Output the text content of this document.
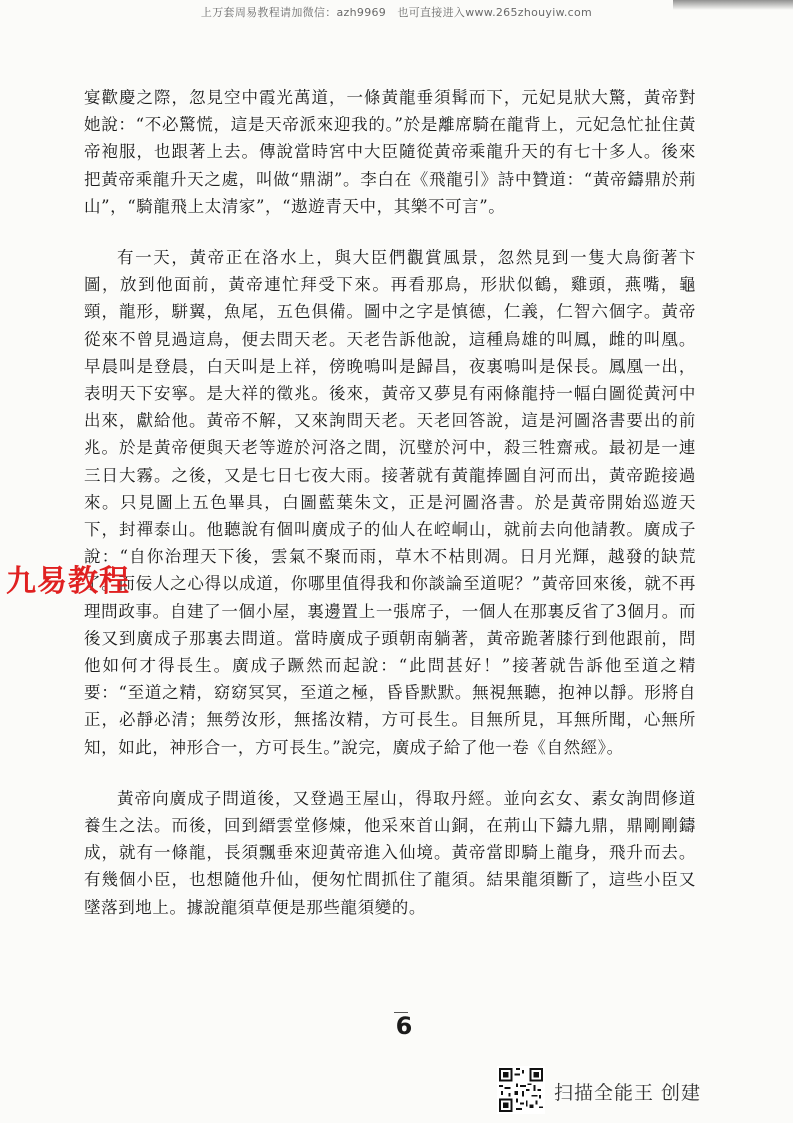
上万套周易教程请加微信：azh9969　也可直接进入www.265zhouyiw.com

宴歡慶之際，忽見空中霞光萬道，一條黃龍垂須髯而下，元妃見狀大驚，黃帝對她說：“不必驚慌，這是天帝派來迎我的。”於是離席騎在龍背上，元妃急忙扯住黃帝袍服，也跟著上去。傳說當時宮中大臣隨從黃帝乘龍升天的有七十多人。後來把黃帝乘龍升天之處，叫做“鼎湖”。李白在《飛龍引》詩中贊道：“黃帝鑄鼎於荊山”，“騎龍飛上太清家”，“遨遊青天中，其樂不可言”。

有一天，黃帝正在洛水上，與大臣們觀賞風景，忽然見到一隻大鳥銜著卞圖，放到他面前，黃帝連忙拜受下來。再看那鳥，形狀似鶴，雞頭，燕嘴，龜頸，龍形，駢翼，魚尾，五色俱備。圖中之字是慎德，仁義，仁智六個字。黃帝從來不曾見過這鳥，便去問天老。天老告訴他說，這種鳥雄的叫鳳，雌的叫凰。早晨叫是登晨，白天叫是上祥，傍晚鳴叫是歸昌，夜裏鳴叫是保長。鳳凰一出，表明天下安寧。是大祥的徵兆。後來，黃帝又夢見有兩條龍持一幅白圖從黃河中出來，獻給他。黃帝不解，又來詢問天老。天老回答說，這是河圖洛書要出的前兆。於是黃帝便與天老等遊於河洛之間，沉璧於河中，殺三牲齋戒。最初是一連三日大霧。之後，又是七日七夜大雨。接著就有黃龍捧圖自河而出，黃帝跪接過來。只見圖上五色畢具，白圖藍葉朱文，正是河圖洛書。於是黃帝開始巡遊天下，封禪泰山。他聽說有個叫廣成子的仙人在崆峒山，就前去向他請教。廣成子說：“自你治理天下後，雲氣不聚而雨，草木不枯則凋。日月光輝，越發的缺荒了。而佞人之心得以成道，你哪里值得我和你談論至道呢？”黃帝回來後，就不再理問政事。自建了一個小屋，裏邊置上一張席子，一個人在那裏反省了3個月。而後又到廣成子那裏去問道。當時廣成子頭朝南躺著，黃帝跪著膝行到他跟前，問他如何才得長生。廣成子蹶然而起說：“此問甚好！”接著就告訴他至道之精要：“至道之精，窈窈冥冥，至道之極，昏昏默默。無視無聽，抱神以靜。形將自正，必靜必清；無勞汝形，無搖汝精，方可長生。目無所見，耳無所聞，心無所知，如此，神形合一，方可長生。”說完，廣成子給了他一卷《自然經》。

黃帝向廣成子問道後，又登過王屋山，得取丹經。並向玄女、素女詢問修道養生之法。而後，回到縉雲堂修煉，他采來首山銅，在荊山下鑄九鼎，鼎剛剛鑄成，就有一條龍，長須飄垂來迎黃帝進入仙境。黃帝當即騎上龍身，飛升而去。有幾個小臣，也想隨他升仙，便匆忙間抓住了龍須。結果龍須斷了，這些小臣又墜落到地上。據說龍須草便是那些龍須變的。

九易教程
6
扫描全能王 创建
